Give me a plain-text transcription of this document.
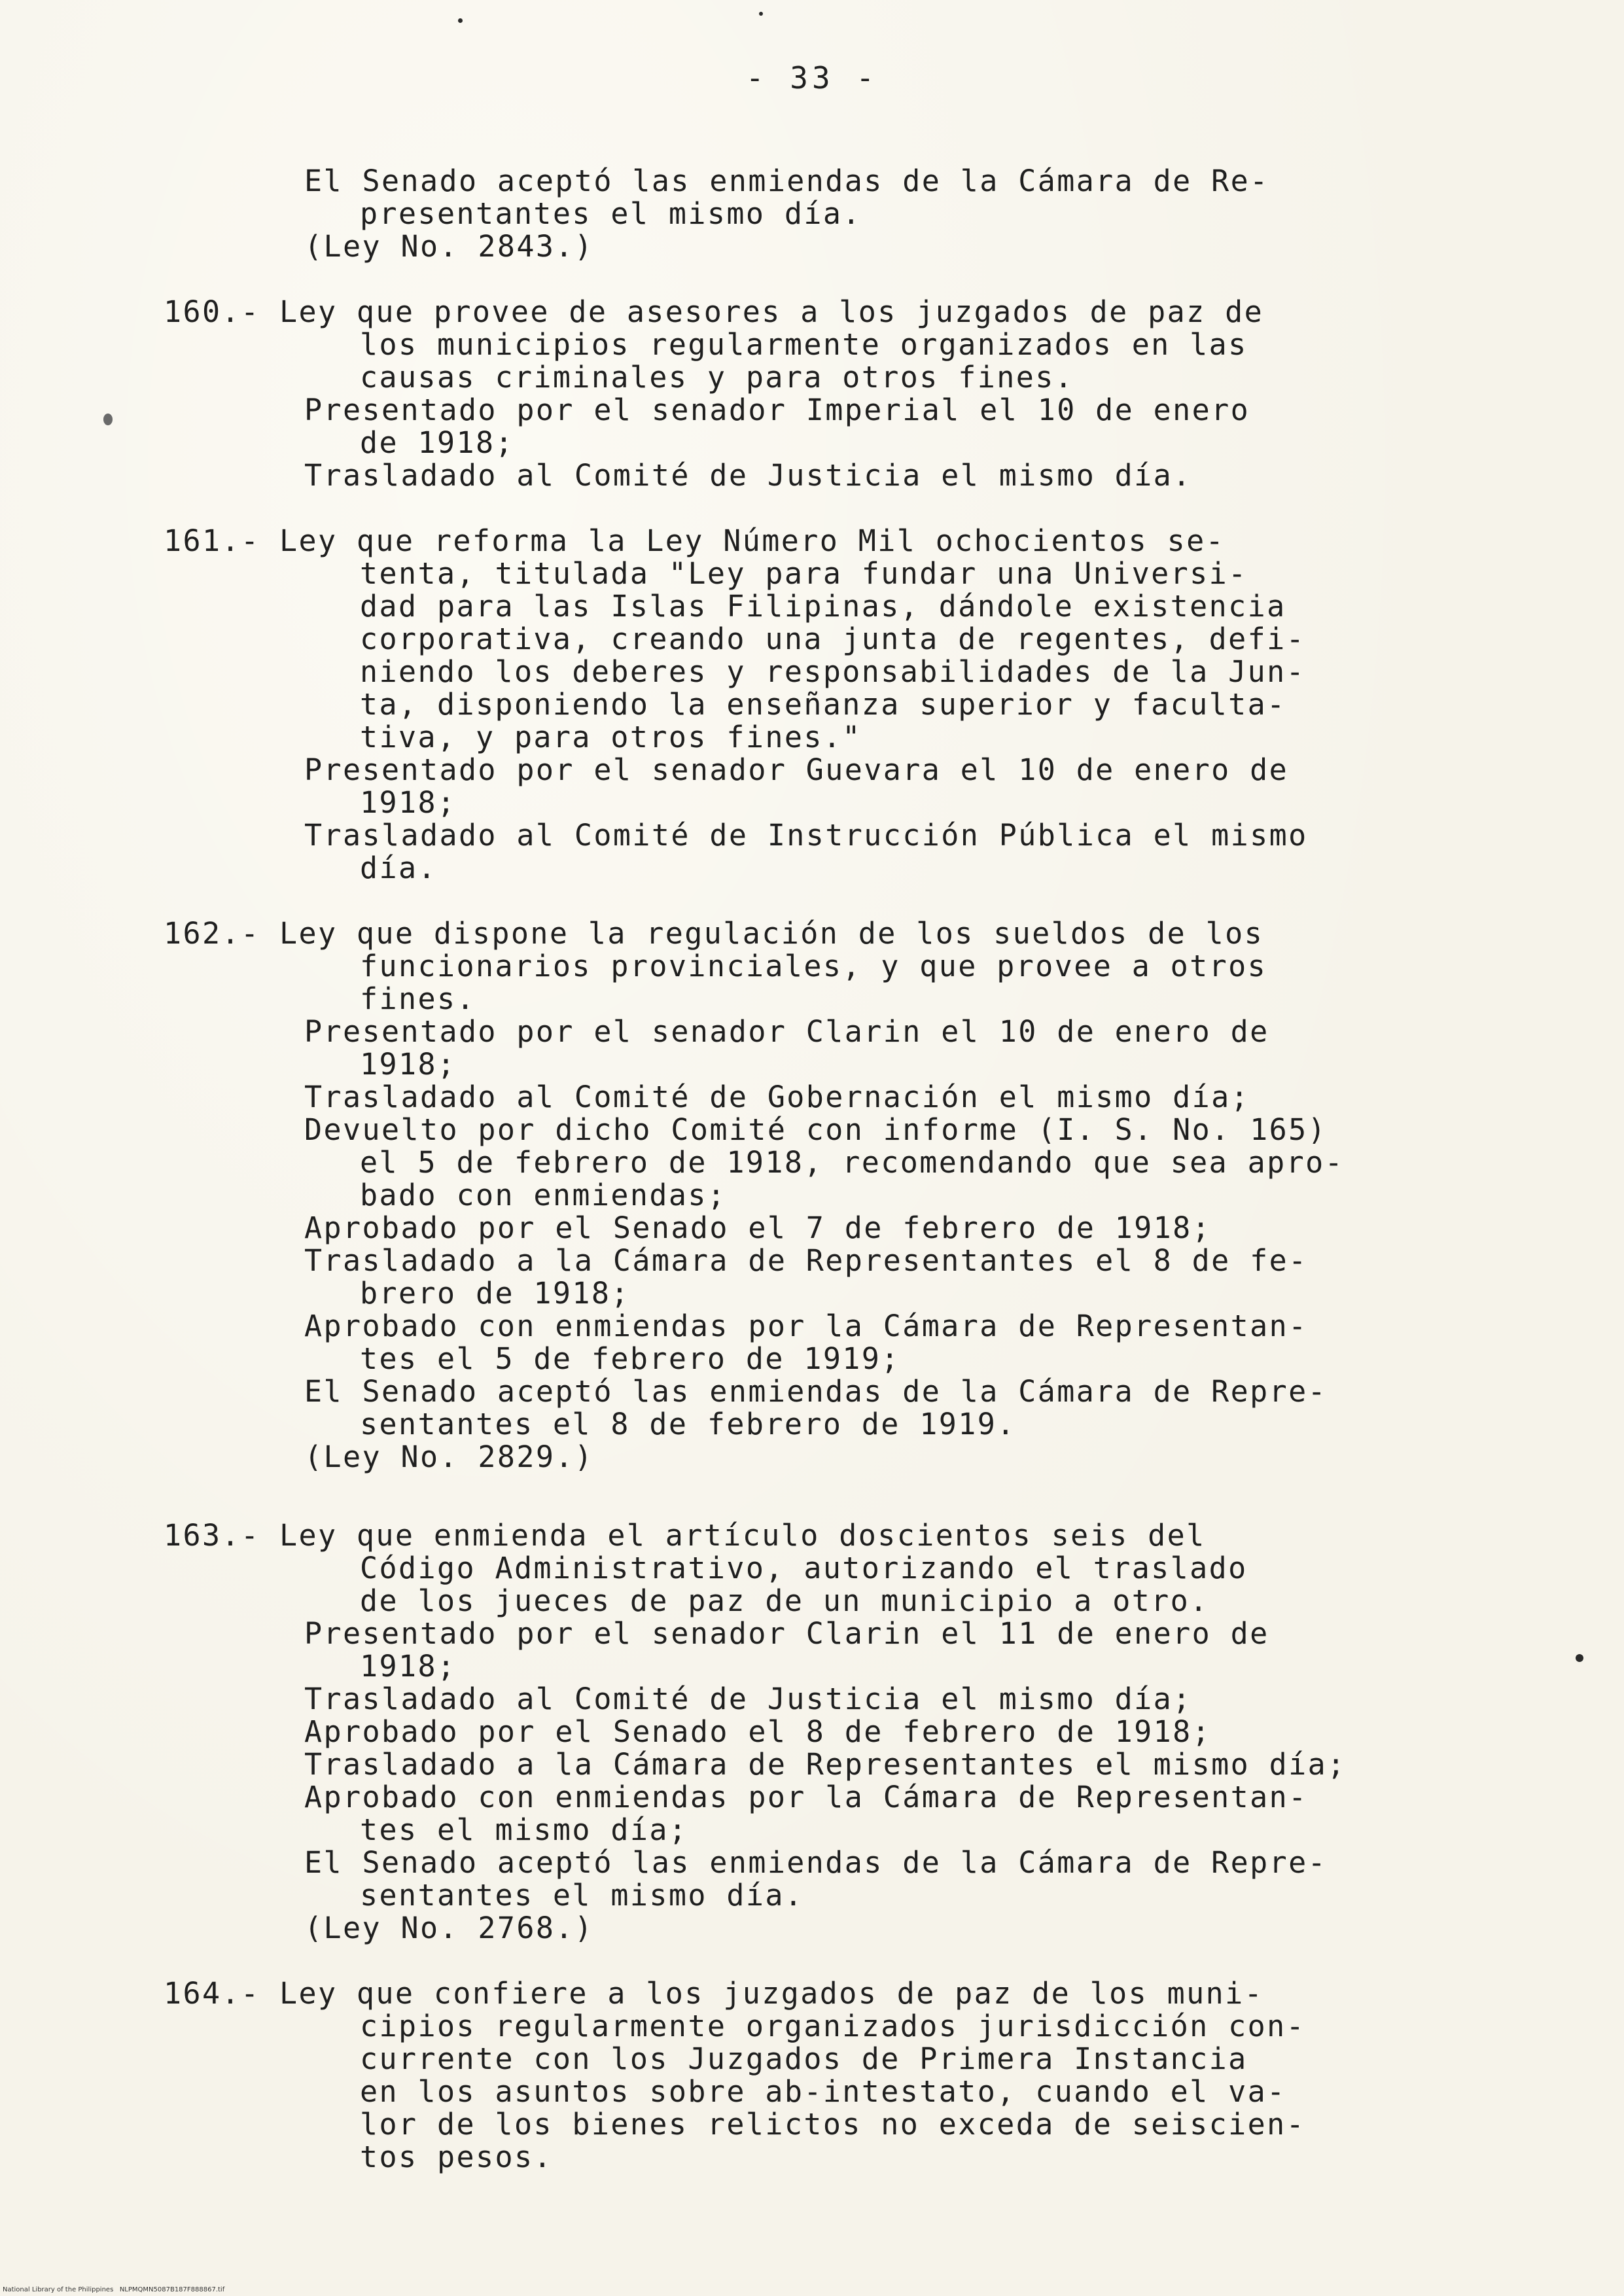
- 33 -
El Senado aceptó las enmiendas de la Cámara de Re-
presentantes el mismo día.
(Ley No. 2843.)
160.- Ley que provee de asesores a los juzgados de paz de
los municipios regularmente organizados en las
causas criminales y para otros fines.
Presentado por el senador Imperial el 10 de enero
de 1918;
Trasladado al Comité de Justicia el mismo día.
161.- Ley que reforma la Ley Número Mil ochocientos se-
tenta, titulada "Ley para fundar una Universi-
dad para las Islas Filipinas, dándole existencia
corporativa, creando una junta de regentes, defi-
niendo los deberes y responsabilidades de la Jun-
ta, disponiendo la enseñanza superior y faculta-
tiva, y para otros fines."
Presentado por el senador Guevara el 10 de enero de
1918;
Trasladado al Comité de Instrucción Pública el mismo
día.
162.- Ley que dispone la regulación de los sueldos de los
funcionarios provinciales, y que provee a otros
fines.
Presentado por el senador Clarin el 10 de enero de
1918;
Trasladado al Comité de Gobernación el mismo día;
Devuelto por dicho Comité con informe (I. S. No. 165)
el 5 de febrero de 1918, recomendando que sea apro-
bado con enmiendas;
Aprobado por el Senado el 7 de febrero de 1918;
Trasladado a la Cámara de Representantes el 8 de fe-
brero de 1918;
Aprobado con enmiendas por la Cámara de Representan-
tes el 5 de febrero de 1919;
El Senado aceptó las enmiendas de la Cámara de Repre-
sentantes el 8 de febrero de 1919.
(Ley No. 2829.)
163.- Ley que enmienda el artículo doscientos seis del
Código Administrativo, autorizando el traslado
de los jueces de paz de un municipio a otro.
Presentado por el senador Clarin el 11 de enero de
1918;
Trasladado al Comité de Justicia el mismo día;
Aprobado por el Senado el 8 de febrero de 1918;
Trasladado a la Cámara de Representantes el mismo día;
Aprobado con enmiendas por la Cámara de Representan-
tes el mismo día;
El Senado aceptó las enmiendas de la Cámara de Repre-
sentantes el mismo día.
(Ley No. 2768.)
164.- Ley que confiere a los juzgados de paz de los muni-
cipios regularmente organizados jurisdicción con-
currente con los Juzgados de Primera Instancia
en los asuntos sobre ab-intestato, cuando el va-
lor de los bienes relictos no exceda de seiscien-
tos pesos.
National Library of the Philippines   NLPMQMN5087B187F888867.tif
